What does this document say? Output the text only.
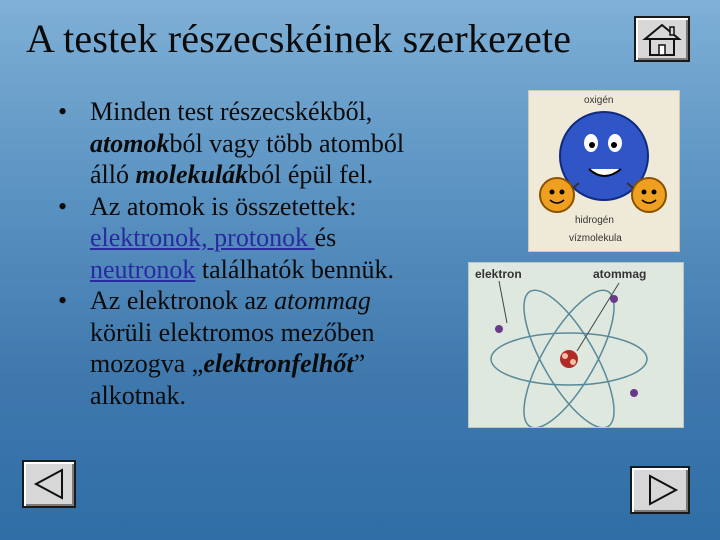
A testek részecskéinek szerkezete
• Minden test részecskékből,
atomokból vagy több atomból
álló molekulákból épül fel.
• Az atomok is összetettek:
elektronok, protonok és
neutronok találhatók bennük.
• Az elektronok az atommag
körüli elektromos mezőben
mozogva „elektronfelhőt”
alkotnak.
oxigén
hidrogén
vízmolekula
elektron	atommag
